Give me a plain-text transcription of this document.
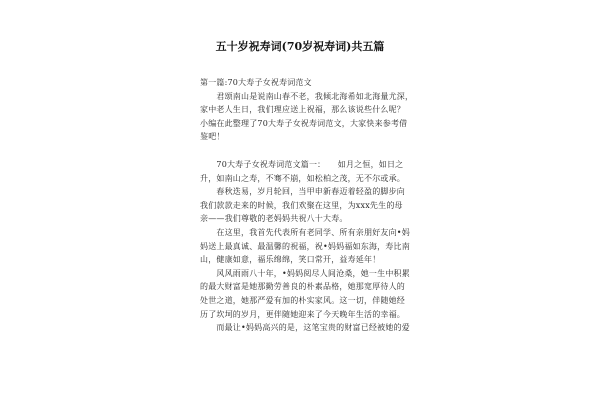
五十岁祝寿词(70岁祝寿词)共五篇
第一篇:70大寿子女祝寿词范文
　　君颂南山是说南山春不老，我倾北海希如北海量尤深，
家中老人生日，我们理应送上祝福，那么该说些什么呢？
小编在此整理了70大寿子女祝寿词范文，大家快来参考借
鉴吧！
　　70大寿子女祝寿词范文篇一：　　如月之恒，如日之
升，如南山之寿，不骞不崩，如松柏之茂，无不尔或承。
　　春秋迭易，岁月轮回，当甲申新春迈着轻盈的脚步向
我们款款走来的时候，我们欢聚在这里，为xxx先生的母
亲——我们尊敬的老妈妈共祝八十大寿。
　　在这里，我首先代表所有老同学、所有亲朋好友向•妈
妈送上最真诚、最温馨的祝福，祝•妈妈福如东海，寿比南
山，健康如意，福乐绵绵，笑口常开，益寿延年！
　　风风雨雨八十年，•妈妈阅尽人间沧桑，她一生中积累
的最大财富是她那勤劳善良的朴素品格，她那宽厚待人的
处世之道，她那严爱有加的朴实家风。这一切，伴随她经
历了坎坷的岁月，更伴随她迎来了今天晚年生活的幸福。
　　而最让•妈妈高兴的是，这笔宝贵的财富已经被她的爱
